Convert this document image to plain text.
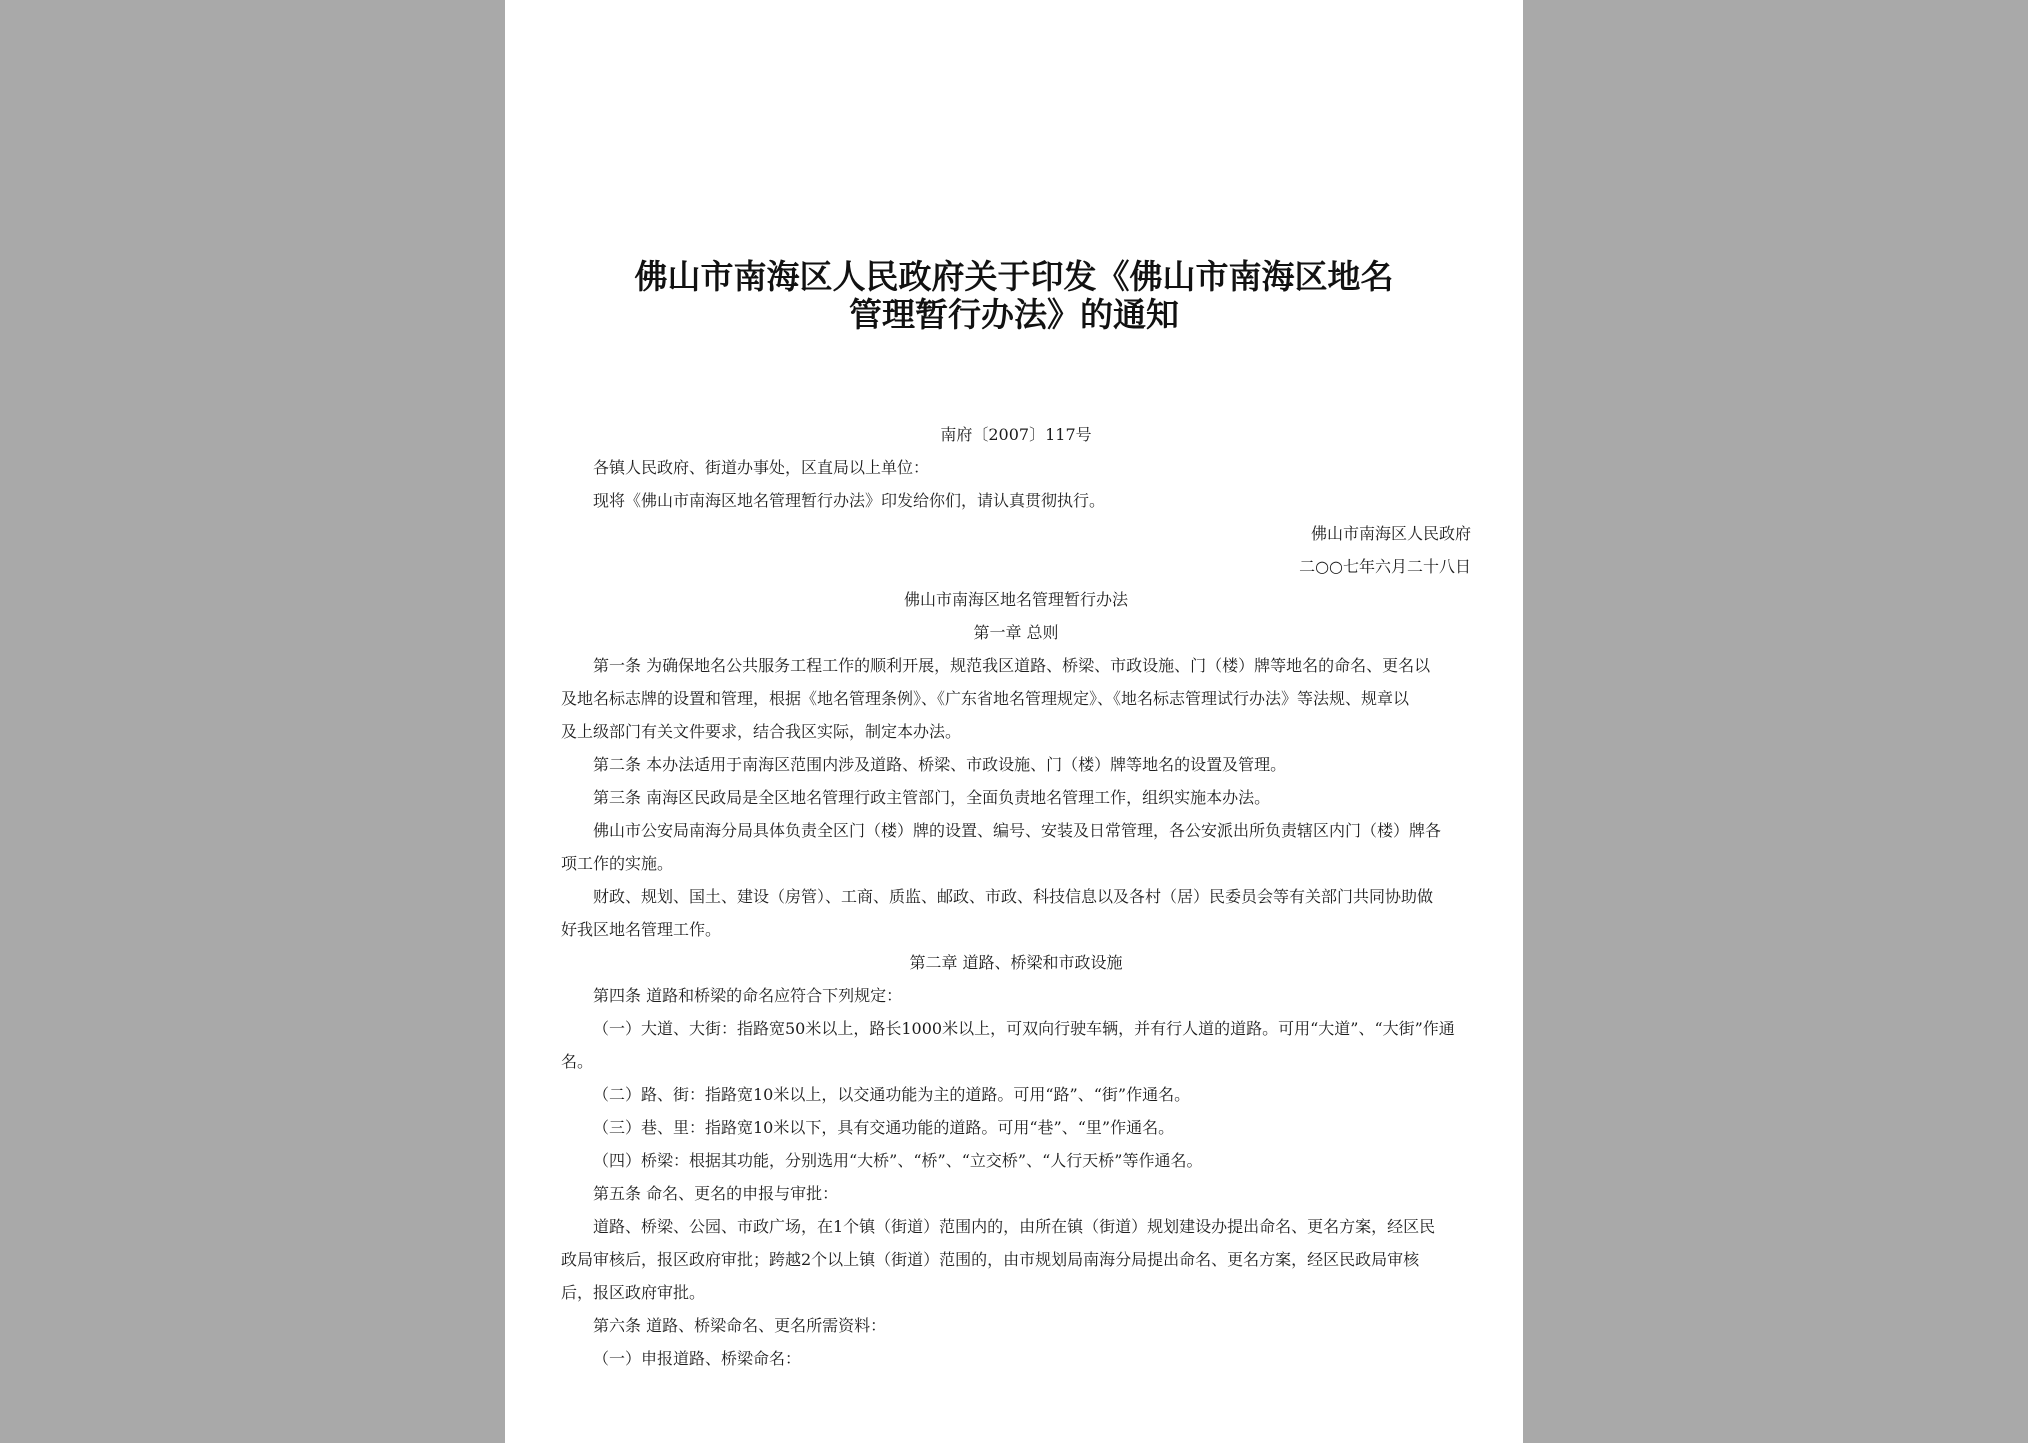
佛山市南海区人民政府关于印发《佛山市南海区地名
管理暂行办法》的通知

南府〔2007〕117号

各镇人民政府、街道办事处，区直局以上单位：

现将《佛山市南海区地名管理暂行办法》印发给你们，请认真贯彻执行。

佛山市南海区人民政府

二○○七年六月二十八日

佛山市南海区地名管理暂行办法

第一章 总则

第一条 为确保地名公共服务工程工作的顺利开展，规范我区道路、桥梁、市政设施、门（楼）牌等地名的命名、更名以

及地名标志牌的设置和管理，根据《地名管理条例》、《广东省地名管理规定》、《地名标志管理试行办法》等法规、规章以

及上级部门有关文件要求，结合我区实际，制定本办法。

第二条 本办法适用于南海区范围内涉及道路、桥梁、市政设施、门（楼）牌等地名的设置及管理。

第三条 南海区民政局是全区地名管理行政主管部门，全面负责地名管理工作，组织实施本办法。

佛山市公安局南海分局具体负责全区门（楼）牌的设置、编号、安装及日常管理，各公安派出所负责辖区内门（楼）牌各

项工作的实施。

财政、规划、国土、建设（房管）、工商、质监、邮政、市政、科技信息以及各村（居）民委员会等有关部门共同协助做

好我区地名管理工作。

第二章 道路、桥梁和市政设施

第四条 道路和桥梁的命名应符合下列规定：

（一）大道、大街：指路宽50米以上，路长1000米以上，可双向行驶车辆，并有行人道的道路。可用“大道”、“大街”作通

名。

（二）路、街：指路宽10米以上，以交通功能为主的道路。可用“路”、“街”作通名。

（三）巷、里：指路宽10米以下，具有交通功能的道路。可用“巷”、“里”作通名。

（四）桥梁：根据其功能，分别选用“大桥”、“桥”、“立交桥”、“人行天桥”等作通名。

第五条 命名、更名的申报与审批：

道路、桥梁、公园、市政广场，在1个镇（街道）范围内的，由所在镇（街道）规划建设办提出命名、更名方案，经区民

政局审核后，报区政府审批；跨越2个以上镇（街道）范围的，由市规划局南海分局提出命名、更名方案，经区民政局审核

后，报区政府审批。

第六条 道路、桥梁命名、更名所需资料：

（一）申报道路、桥梁命名：
